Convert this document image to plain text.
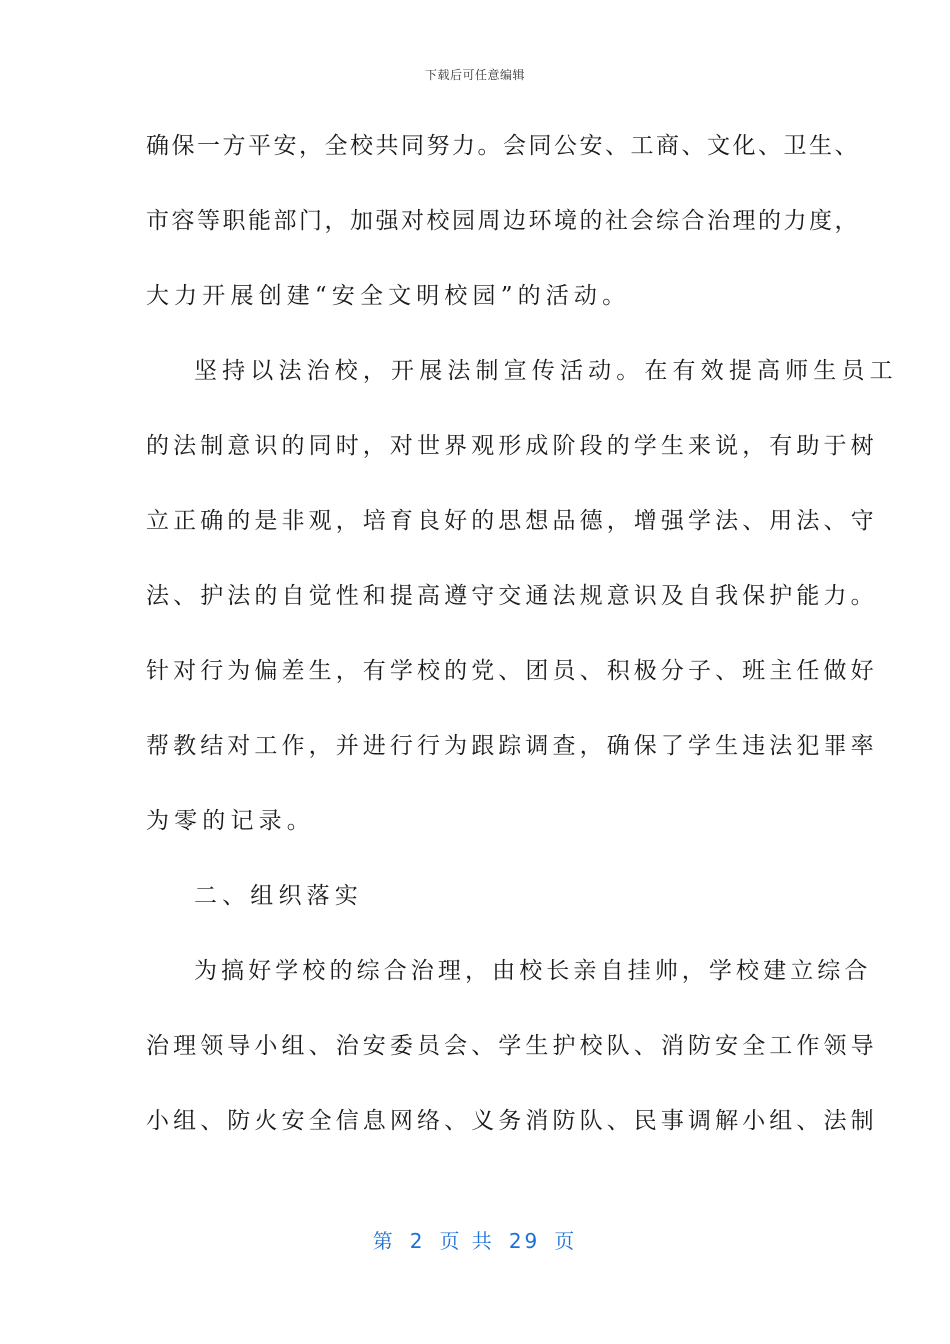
下载后可任意编辑
确保一方平安，全校共同努力。会同公安、工商、文化、卫生、
市容等职能部门，加强对校园周边环境的社会综合治理的力度，
大力开展创建“安全文明校园”的活动。
坚持以法治校，开展法制宣传活动。在有效提高师生员工
的法制意识的同时，对世界观形成阶段的学生来说，有助于树
立正确的是非观，培育良好的思想品德，增强学法、用法、守
法、护法的自觉性和提高遵守交通法规意识及自我保护能力。
针对行为偏差生，有学校的党、团员、积极分子、班主任做好
帮教结对工作，并进行行为跟踪调查，确保了学生违法犯罪率
为零的记录。
二、组织落实
为搞好学校的综合治理，由校长亲自挂帅，学校建立综合
治理领导小组、治安委员会、学生护校队、消防安全工作领导
小组、防火安全信息网络、义务消防队、民事调解小组、法制
第 2 页 共 29 页
